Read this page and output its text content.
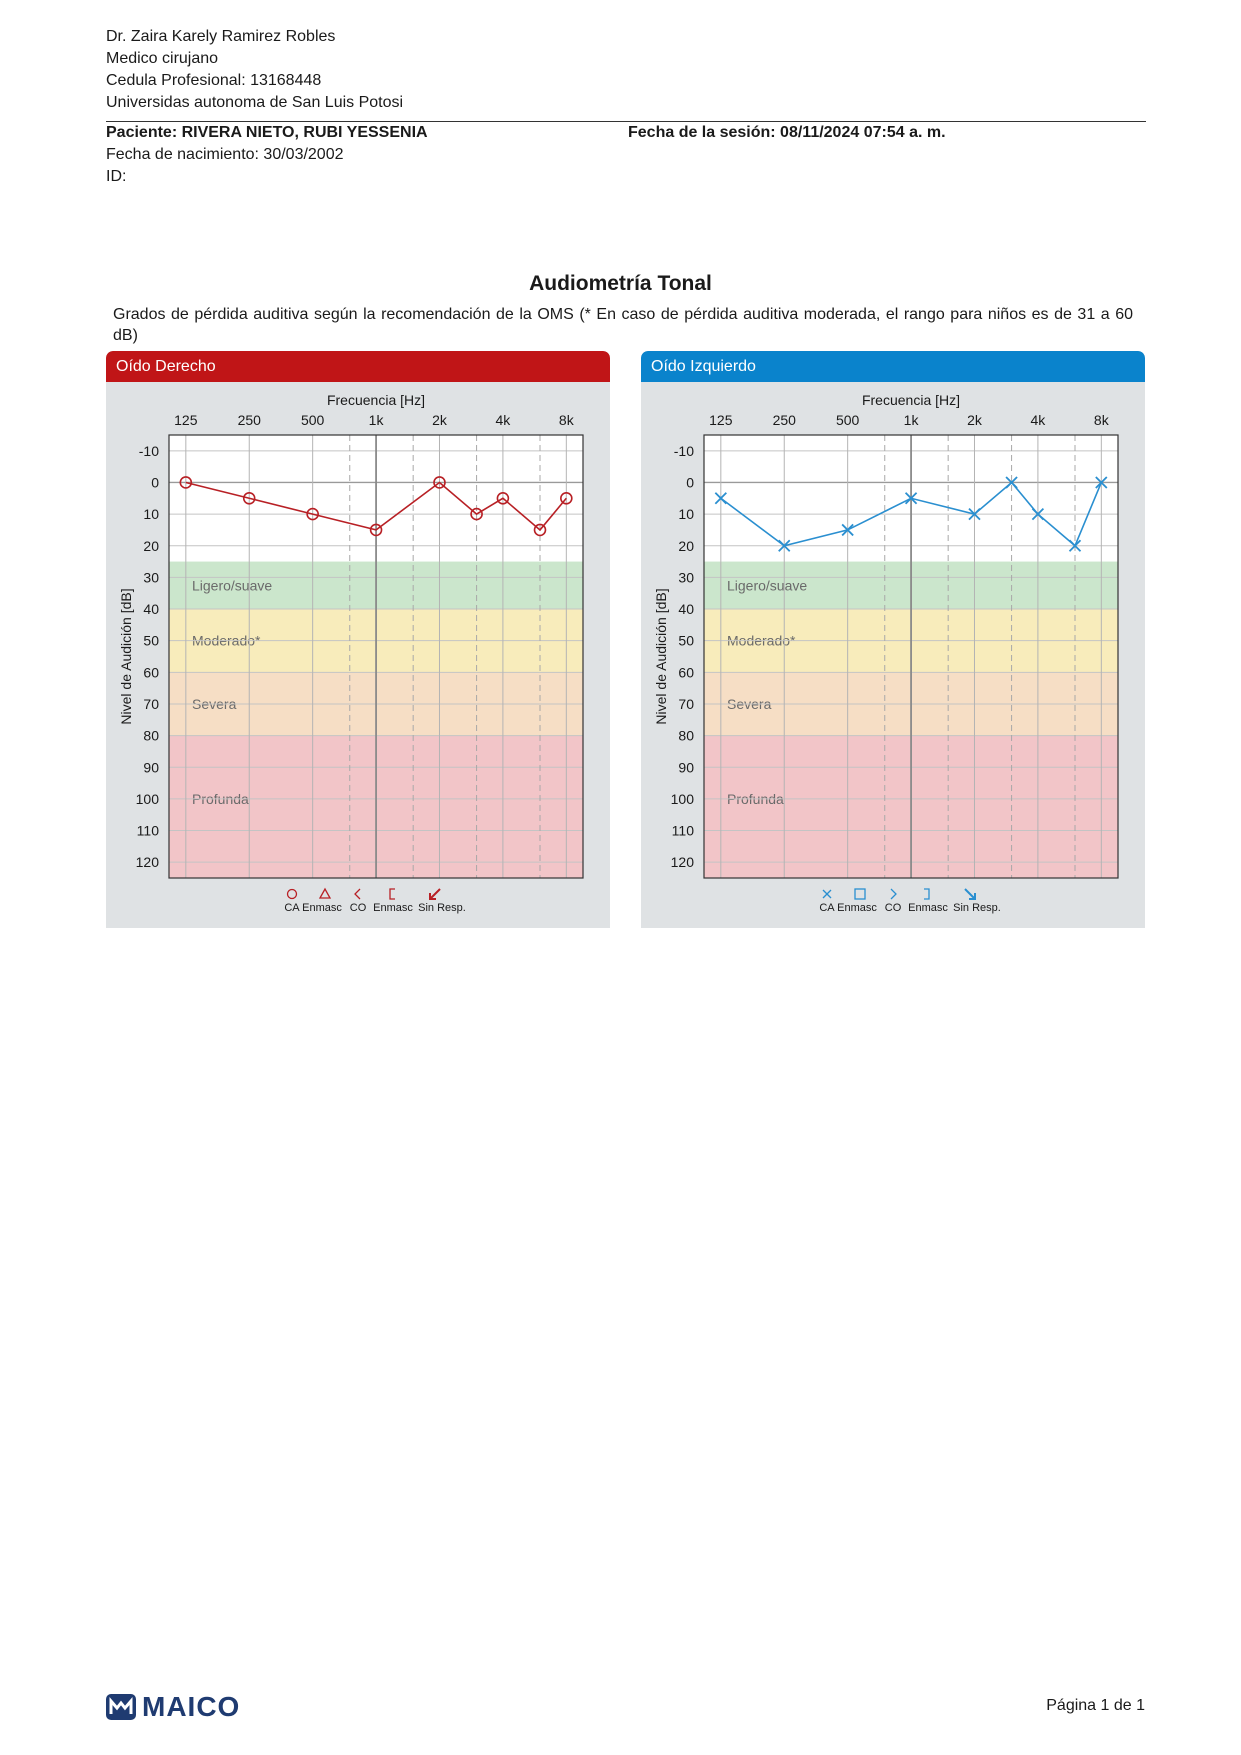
Dr. Zaira Karely Ramirez Robles
Medico cirujano
Cedula Profesional: 13168448
Universidas autonoma de San Luis Potosi
Paciente: RIVERA NIETO, RUBI YESSENIA	Fecha de la sesión: 08/11/2024 07:54 a. m.
Fecha de nacimiento: 30/03/2002
ID:
Audiometría Tonal
Grados de pérdida auditiva según la recomendación de la OMS (* En caso de pérdida auditiva moderada, el rango para niños es de 31 a 60 dB)
Oído Derecho
Ligero/suave
Moderado*
Severa
Profunda
-10
0
10
20
30
40
50
60
70
80
90
100
110
120
125	250	500	1k	2k	4k	8k
Frecuencia [Hz]
Nivel de Audición [dB]
CA Enmasc CO Enmasc Sin Resp.
Oído Izquierdo
Ligero/suave
Moderado*
Severa
Profunda
-10
0
10
20
30
40
50
60
70
80
90
100
110
120
125	250	500	1k	2k	4k	8k
Frecuencia [Hz]
Nivel de Audición [dB]
CA Enmasc CO Enmasc Sin Resp.
MAICO	Página 1 de 1
